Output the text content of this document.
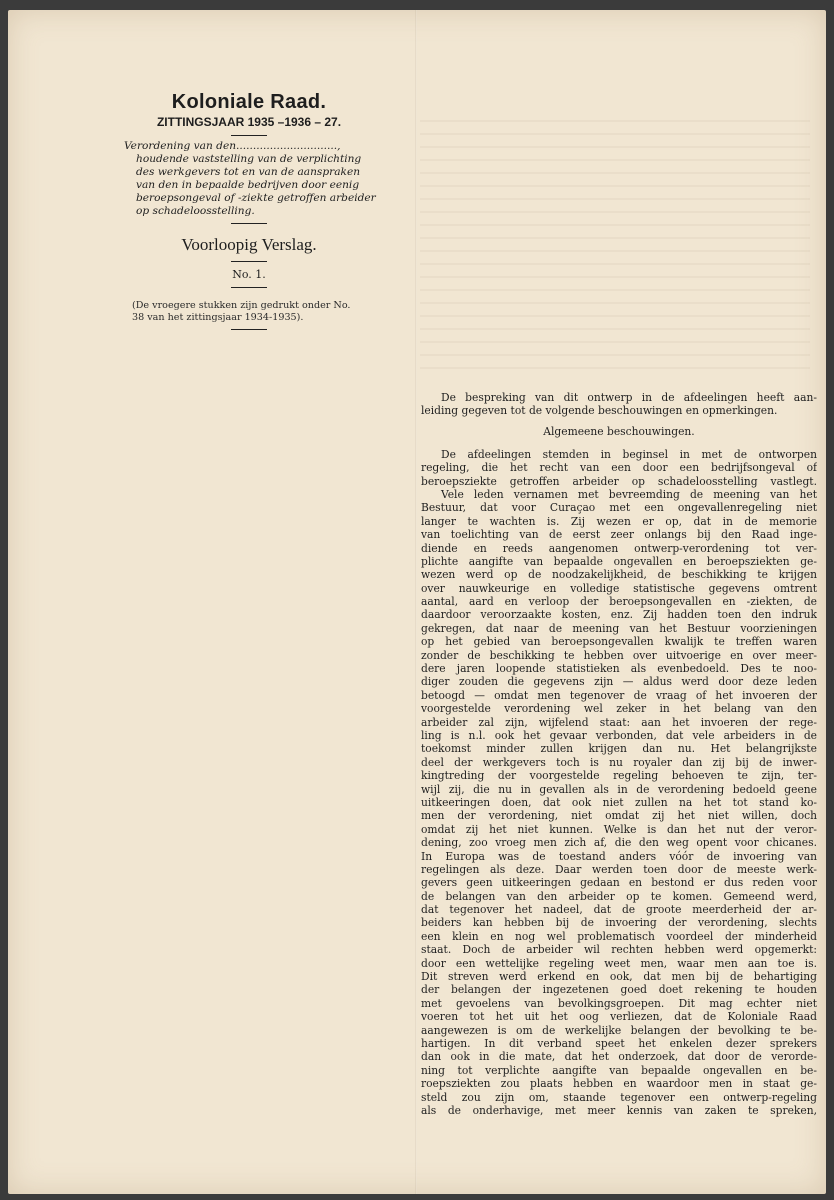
Koloniale Raad.
ZITTINGSJAAR 1935 –1936 – 27.
Verordening van den..............................,
houdende vaststelling van de verplichting
des werkgevers tot en van de aanspraken
van den in bepaalde bedrijven door eenig
beroepsongeval of -ziekte getroffen arbeider
op schadeloosstelling.
Voorloopig Verslag.
No. 1.
(De vroegere stukken zijn gedrukt onder No.
38 van het zittingsjaar 1934-1935).
De bespreking van dit ontwerp in de afdeelingen heeft aan-
leiding gegeven tot de volgende beschouwingen en opmerkingen.
Algemeene beschouwingen.
De afdeelingen stemden in beginsel in met de ontworpen
regeling, die het recht van een door een bedrijfsongeval of
beroepsziekte getroffen arbeider op schadeloosstelling vastlegt.
Vele leden vernamen met bevreemding de meening van het
Bestuur, dat voor Curaçao met een ongevallenregeling niet
langer te wachten is. Zij wezen er op, dat in de memorie
van toelichting van de eerst zeer onlangs bij den Raad inge-
diende en reeds aangenomen ontwerp-verordening tot ver-
plichte aangifte van bepaalde ongevallen en beroepsziekten ge-
wezen werd op de noodzakelijkheid, de beschikking te krijgen
over nauwkeurige en volledige statistische gegevens omtrent
aantal, aard en verloop der beroepsongevallen en -ziekten, de
daardoor veroorzaakte kosten, enz. Zij hadden toen den indruk
gekregen, dat naar de meening van het Bestuur voorzieningen
op het gebied van beroepsongevallen kwalijk te treffen waren
zonder de beschikking te hebben over uitvoerige en over meer-
dere jaren loopende statistieken als evenbedoeld. Des te noo-
diger zouden die gegevens zijn — aldus werd door deze leden
betoogd — omdat men tegenover de vraag of het invoeren der
voorgestelde verordening wel zeker in het belang van den
arbeider zal zijn, wijfelend staat: aan het invoeren der rege-
ling is n.l. ook het gevaar verbonden, dat vele arbeiders in de
toekomst minder zullen krijgen dan nu. Het belangrijkste
deel der werkgevers toch is nu royaler dan zij bij de inwer-
kingtreding der voorgestelde regeling behoeven te zijn, ter-
wijl zij, die nu in gevallen als in de verordening bedoeld geene
uitkeeringen doen, dat ook niet zullen na het tot stand ko-
men der verordening, niet omdat zij het niet willen, doch
omdat zij het niet kunnen. Welke is dan het nut der veror-
dening, zoo vroeg men zich af, die den weg opent voor chicanes.
In Europa was de toestand anders vóór de invoering van
regelingen als deze. Daar werden toen door de meeste werk-
gevers geen uitkeeringen gedaan en bestond er dus reden voor
de belangen van den arbeider op te komen. Gemeend werd,
dat tegenover het nadeel, dat de groote meerderheid der ar-
beiders kan hebben bij de invoering der verordening, slechts
een klein en nog wel problematisch voordeel der minderheid
staat. Doch de arbeider wil rechten hebben werd opgemerkt:
door een wettelijke regeling weet men, waar men aan toe is.
Dit streven werd erkend en ook, dat men bij de behartiging
der belangen der ingezetenen goed doet rekening te houden
met gevoelens van bevolkingsgroepen. Dit mag echter niet
voeren tot het uit het oog verliezen, dat de Koloniale Raad
aangewezen is om de werkelijke belangen der bevolking te be-
hartigen. In dit verband speet het enkelen dezer sprekers
dan ook in die mate, dat het onderzoek, dat door de verorde-
ning tot verplichte aangifte van bepaalde ongevallen en be-
roepsziekten zou plaats hebben en waardoor men in staat ge-
steld zou zijn om, staande tegenover een ontwerp-regeling
als de onderhavige, met meer kennis van zaken te spreken,
